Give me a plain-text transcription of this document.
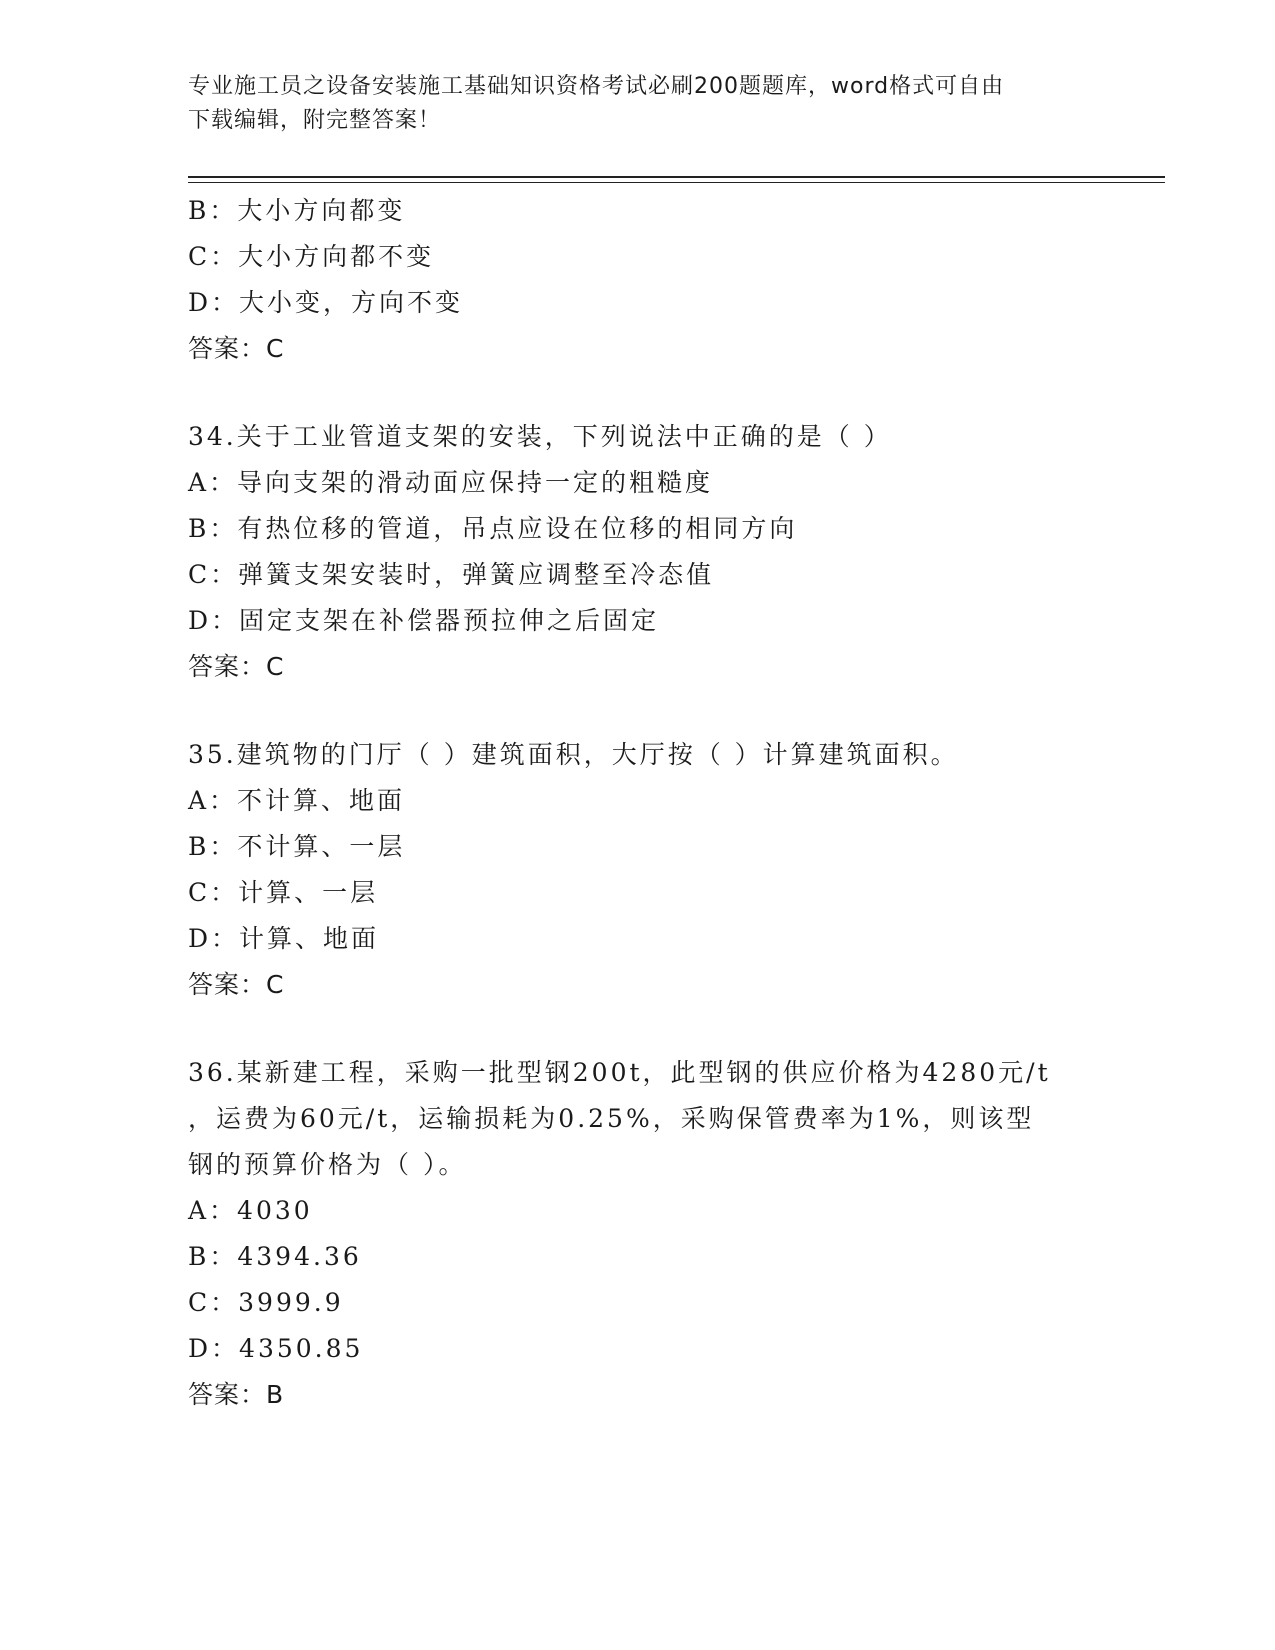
专业施工员之设备安装施工基础知识资格考试必刷200题题库，word格式可自由
下载编辑，附完整答案！
B：大小方向都变
C：大小方向都不变
D：大小变，方向不变
答案：C
34.关于工业管道支架的安装，下列说法中正确的是（ ）
A：导向支架的滑动面应保持一定的粗糙度
B：有热位移的管道，吊点应设在位移的相同方向
C：弹簧支架安装时，弹簧应调整至冷态值
D：固定支架在补偿器预拉伸之后固定
答案：C
35.建筑物的门厅（ ）建筑面积，大厅按（ ）计算建筑面积。
A：不计算、地面
B：不计算、一层
C：计算、一层
D：计算、地面
答案：C
36.某新建工程，采购一批型钢200t，此型钢的供应价格为4280元/t
，运费为60元/t，运输损耗为0.25%，采购保管费率为1%，则该型
钢的预算价格为（ ）。
A：4030
B：4394.36
C：3999.9
D：4350.85
答案：B
